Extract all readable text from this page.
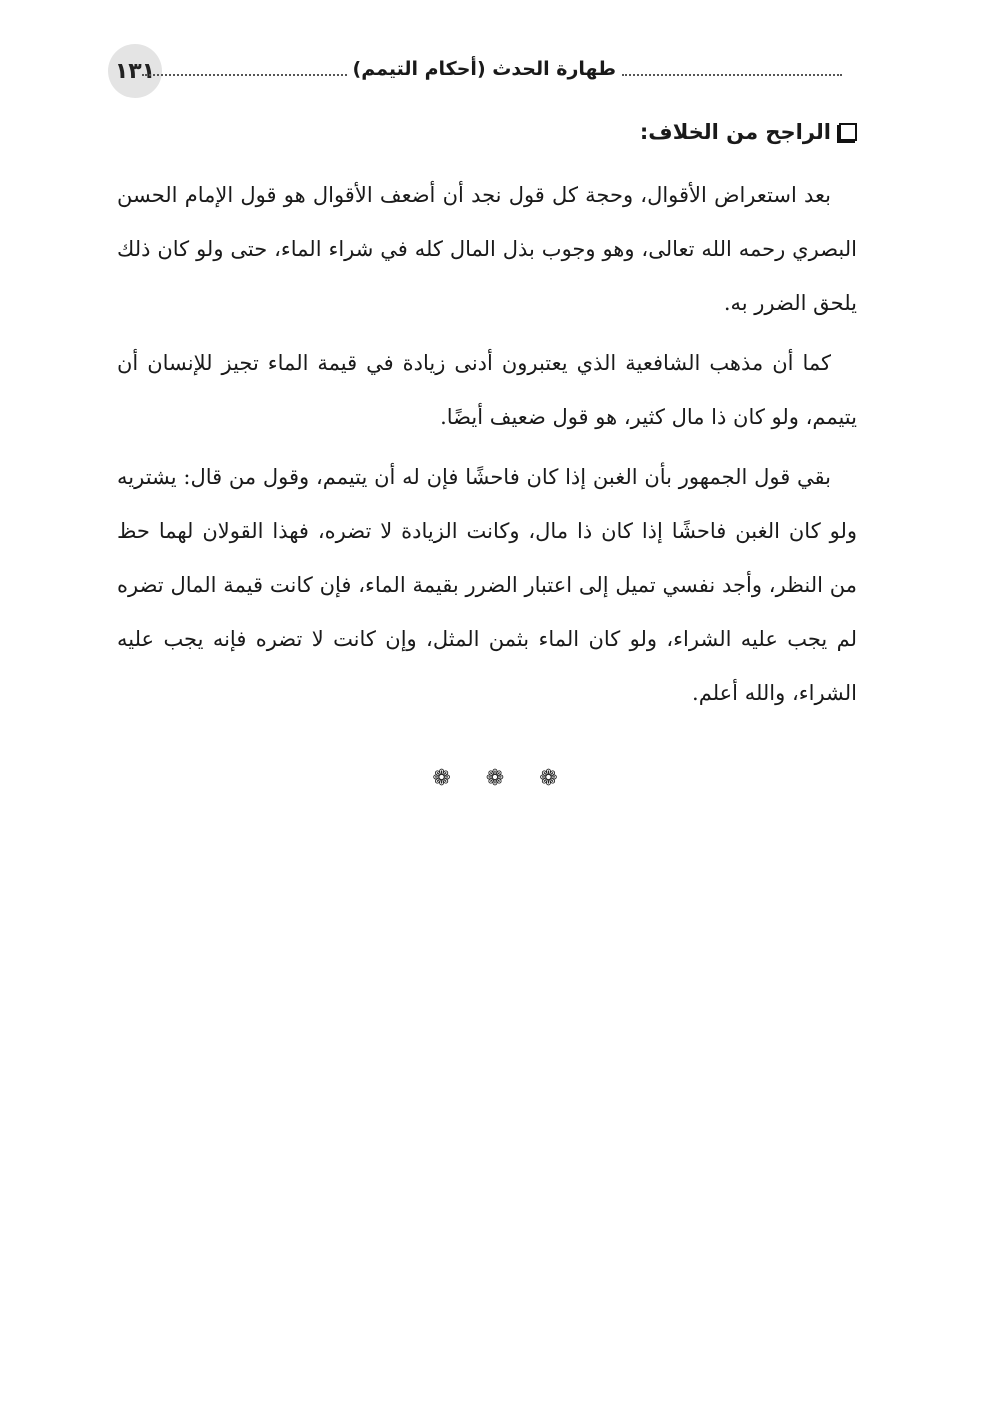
١٣١	طهارة الحدث (أحكام التيمم)
الراجح من الخلاف:

بعد استعراض الأقوال، وحجة كل قول نجد أن أضعف الأقوال هو قول الإمام الحسن البصري رحمه الله تعالى، وهو وجوب بذل المال كله في شراء الماء، حتى ولو كان ذلك يلحق الضرر به.

كما أن مذهب الشافعية الذي يعتبرون أدنى زيادة في قيمة الماء تجيز للإنسان أن يتيمم، ولو كان ذا مال كثير، هو قول ضعيف أيضًا.

بقي قول الجمهور بأن الغبن إذا كان فاحشًا فإن له أن يتيمم، وقول من قال: يشتريه ولو كان الغبن فاحشًا إذا كان ذا مال، وكانت الزيادة لا تضره، فهذا القولان لهما حظ من النظر، وأجد نفسي تميل إلى اعتبار الضرر بقيمة الماء، فإن كانت قيمة المال تضره لم يجب عليه الشراء، ولو كان الماء بثمن المثل، وإن كانت لا تضره فإنه يجب عليه الشراء، والله أعلم.

❁ ❁ ❁
